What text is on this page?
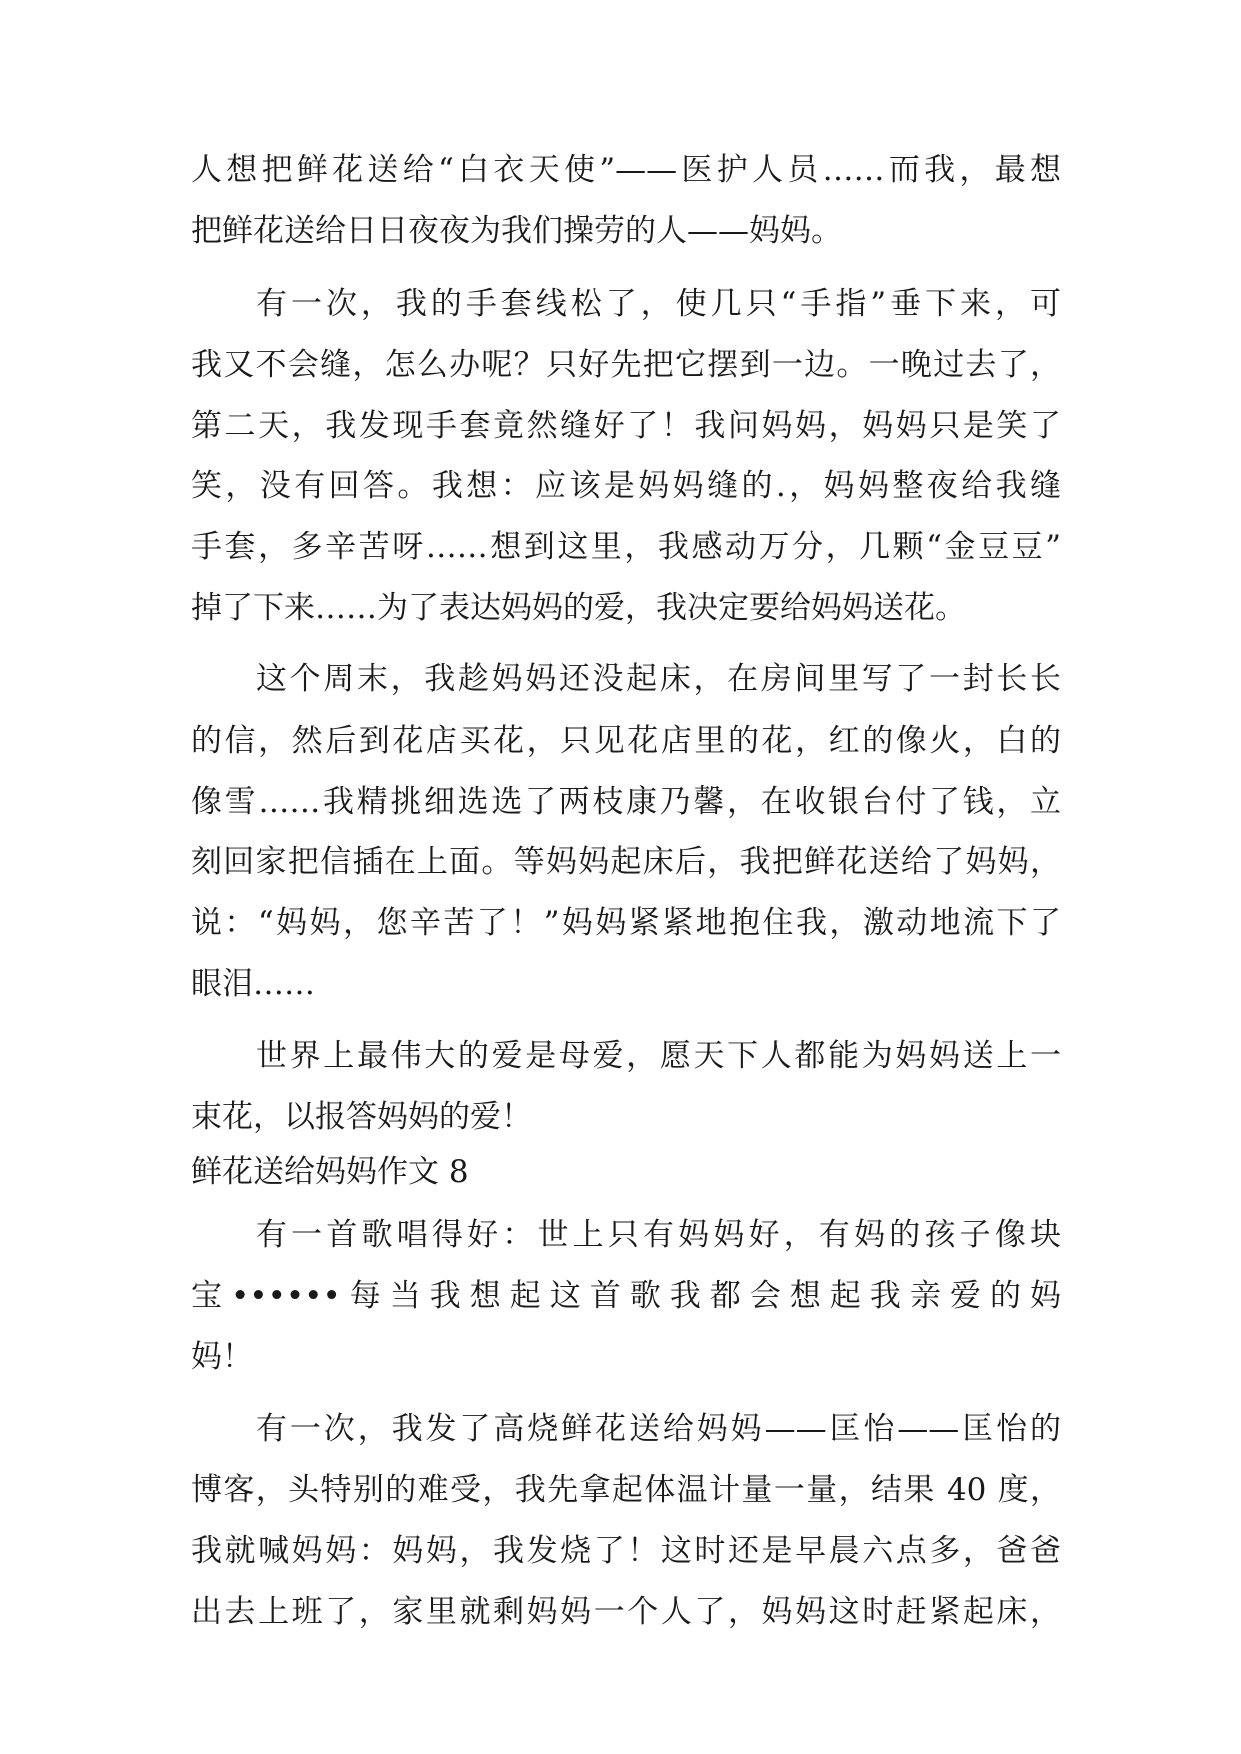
人想把鲜花送给“白衣天使”——医护人员……而我，最想
把鲜花送给日日夜夜为我们操劳的人——妈妈。
有一次，我的手套线松了，使几只“手指”垂下来，可
我又不会缝，怎么办呢？只好先把它摆到一边。一晚过去了，
第二天，我发现手套竟然缝好了！我问妈妈，妈妈只是笑了
笑，没有回答。我想：应该是妈妈缝的.，妈妈整夜给我缝
手套，多辛苦呀……想到这里，我感动万分，几颗“金豆豆”
掉了下来……为了表达妈妈的爱，我决定要给妈妈送花。
这个周末，我趁妈妈还没起床，在房间里写了一封长长
的信，然后到花店买花，只见花店里的花，红的像火，白的
像雪……我精挑细选选了两枝康乃馨，在收银台付了钱，立
刻回家把信插在上面。等妈妈起床后，我把鲜花送给了妈妈，
说：“妈妈，您辛苦了！”妈妈紧紧地抱住我，激动地流下了
眼泪……
世界上最伟大的爱是母爱，愿天下人都能为妈妈送上一
束花，以报答妈妈的爱！
鲜花送给妈妈作文 8
有一首歌唱得好：世上只有妈妈好，有妈的孩子像块
宝••••••每当我想起这首歌我都会想起我亲爱的妈
妈！
有一次，我发了高烧鲜花送给妈妈——匡怡——匡怡的
博客，头特别的难受，我先拿起体温计量一量，结果 40 度，
我就喊妈妈：妈妈，我发烧了！这时还是早晨六点多，爸爸
出去上班了，家里就剩妈妈一个人了，妈妈这时赶紧起床，
